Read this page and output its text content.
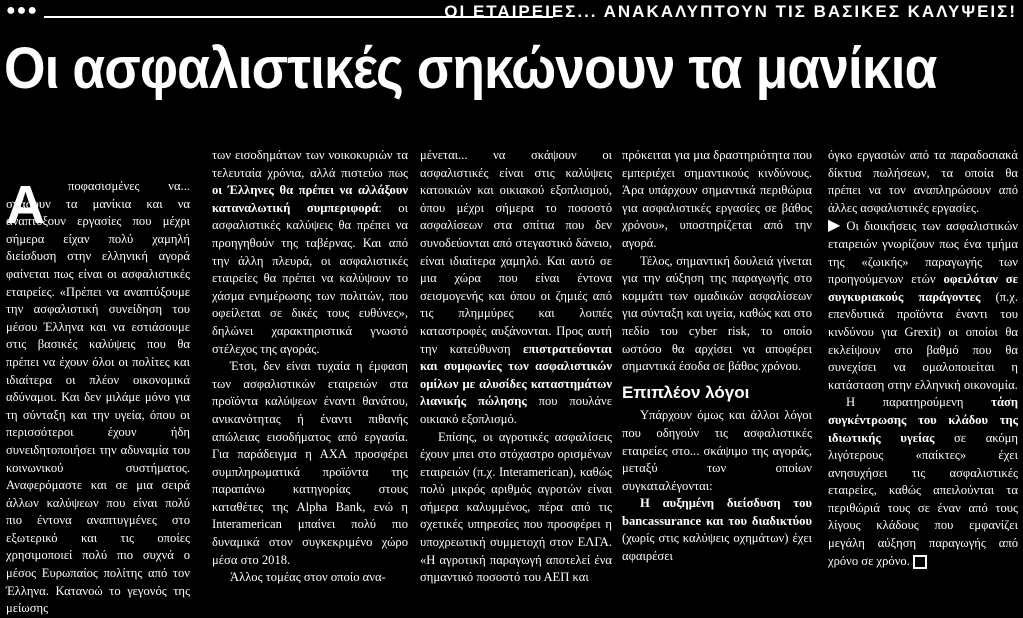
●●●	ΟΙ ΕΤΑΙΡΕΙΕΣ... ΑΝΑΚΑΛΥΠΤΟΥΝ ΤΙΣ ΒΑΣΙΚΕΣ ΚΑΛΥΨΕΙΣ!
Οι ασφαλιστικές σηκώνουν τα μανίκια
Α	ποφασισμένες να... σπάσουν τα μανίκια και να αναπτύξουν εργασίες που μέχρι σήμερα είχαν πολύ χαμηλή διείσδυση στην ελληνική αγορά φαίνεται πως είναι οι ασφαλιστικές εταιρείες. «Πρέπει να αναπτύξουμε την ασφαλιστική συνείδηση του μέσου Έλληνα και να εστιάσουμε στις βασικές καλύψεις που θα πρέπει να έχουν όλοι οι πολίτες και ιδιαίτερα οι πλέον οικονομικά αδύναμοι. Και δεν μιλάμε μόνο για τη σύνταξη και την υγεία, όπου οι περισσότεροι έχουν ήδη συνειδητοποιήσει την αδυναμία του κοινωνικού συστήματος. Αναφερόμαστε και σε μια σειρά άλλων καλύψεων που είναι πολύ πιο έντονα αναπτυγμένες στο εξωτερικό και τις οποίες χρησιμοποιεί πολύ πιο συχνά ο μέσος Ευρωπαίος πολίτης από τον Έλληνα. Κατανοώ το γεγονός της μείωσης

των εισοδημάτων των νοικοκυριών τα τελευταία χρόνια, αλλά πιστεύω πως οι Έλληνες θα πρέπει να αλλάξουν καταναλωτική συμπεριφορά: οι ασφαλιστικές καλύψεις θα πρέπει να προηγηθούν της ταβέρνας. Και από την άλλη πλευρά, οι ασφαλιστικές εταιρείες θα πρέπει να καλύψουν το χάσμα ενημέρωσης των πολιτών, που οφείλεται σε δικές τους ευθύνες», δηλώνει χαρακτηριστικά γνωστό στέλεχος της αγοράς.

Έτσι, δεν είναι τυχαία η έμφαση των ασφαλιστικών εταιρειών στα προϊόντα καλύψεων έναντι θανάτου, ανικανότητας ή έναντι πιθανής απώλειας εισοδήματος από εργασία. Για παράδειγμα η ΑΧΑ προσφέρει συμπληρωματικά προϊόντα της παραπάνω κατηγορίας στους καταθέτες της Alpha Bank, ενώ η Interamerican μπαίνει πολύ πιο δυναμικά στον συγκεκριμένο χώρο μέσα στο 2018.

Άλλος τομέας στον οποίο ανα-

μένεται... να σκάψουν οι ασφαλιστικές είναι στις καλύψεις κατοικιών και οικιακού εξοπλισμού, όπου μέχρι σήμερα το ποσοστό ασφαλίσεων στα σπίτια που δεν συνοδεύονται από στεγαστικό δάνειο, είναι ιδιαίτερα χαμηλό. Και αυτό σε μια χώρα που είναι έντονα σεισμογενής και όπου οι ζημιές από τις πλημμύρες και λοιπές καταστροφές αυξάνονται. Προς αυτή την κατεύθυνση επιστρατεύονται και συμφωνίες των ασφαλιστικών ομίλων με αλυσίδες καταστημάτων λιανικής πώλησης που πουλάνε οικιακό εξοπλισμό.

Επίσης, οι αγροτικές ασφαλίσεις έχουν μπει στο στόχαστρο ορισμένων εταιρειών (π.χ. Interamerican), καθώς πολύ μικρός αριθμός αγροτών είναι σήμερα καλυμμένος, πέρα από τις σχετικές υπηρεσίες που προσφέρει η υποχρεωτική συμμετοχή στον ΕΛΓΑ. «Η αγροτική παραγωγή αποτελεί ένα σημαντικό ποσοστό του ΑΕΠ και

πρόκειται για μια δραστηριότητα που εμπεριέχει σημαντικούς κινδύνους. Άρα υπάρχουν σημαντικά περιθώρια για ασφαλιστικές εργασίες σε βάθος χρόνου», υποστηρίζεται από την αγορά.

Τέλος, σημαντική δουλειά γίνεται για την αύξηση της παραγωγής στο κομμάτι των ομαδικών ασφαλίσεων για σύνταξη και υγεία, καθώς και στο πεδίο του cyber risk, το οποίο ωστόσο θα αρχίσει να αποφέρει σημαντικά έσοδα σε βάθος χρόνου.

Επιπλέον λόγοι

Υπάρχουν όμως και άλλοι λόγοι που οδηγούν τις ασφαλιστικές εταιρείες στο... σκάψιμο της αγοράς, μεταξύ των οποίων συγκαταλέγονται:

Η αυξημένη διείσδυση του bancassurance και του διαδικτύου (χωρίς στις καλύψεις οχημάτων) έχει αφαιρέσει

όγκο εργασιών από τα παραδοσιακά δίκτυα πωλήσεων, τα οποία θα πρέπει να τον αναπληρώσουν από άλλες ασφαλιστικές εργασίες.

▶ Οι διοικήσεις των ασφαλιστικών εταιρειών γνωρίζουν πως ένα τμήμα της «ζωικής» παραγωγής των προηγούμενων ετών οφειλόταν σε συγκυριακούς παράγοντες (π.χ. επενδυτικά προϊόντα έναντι του κινδύνου για Grexit) οι οποίοι θα εκλείψουν στο βαθμό που θα συνεχίσει να ομαλοποιείται η κατάσταση στην ελληνική οικονομία.

Η παρατηρούμενη τάση συγκέντρωσης του κλάδου της ιδιωτικής υγείας σε ακόμη λιγότερους «παίκτες» έχει ανησυχήσει τις ασφαλιστικές εταιρείες, καθώς απειλούνται τα περιθώριά τους σε έναν από τους λίγους κλάδους που εμφανίζει μεγάλη αύξηση παραγωγής από χρόνο σε χρόνο.
